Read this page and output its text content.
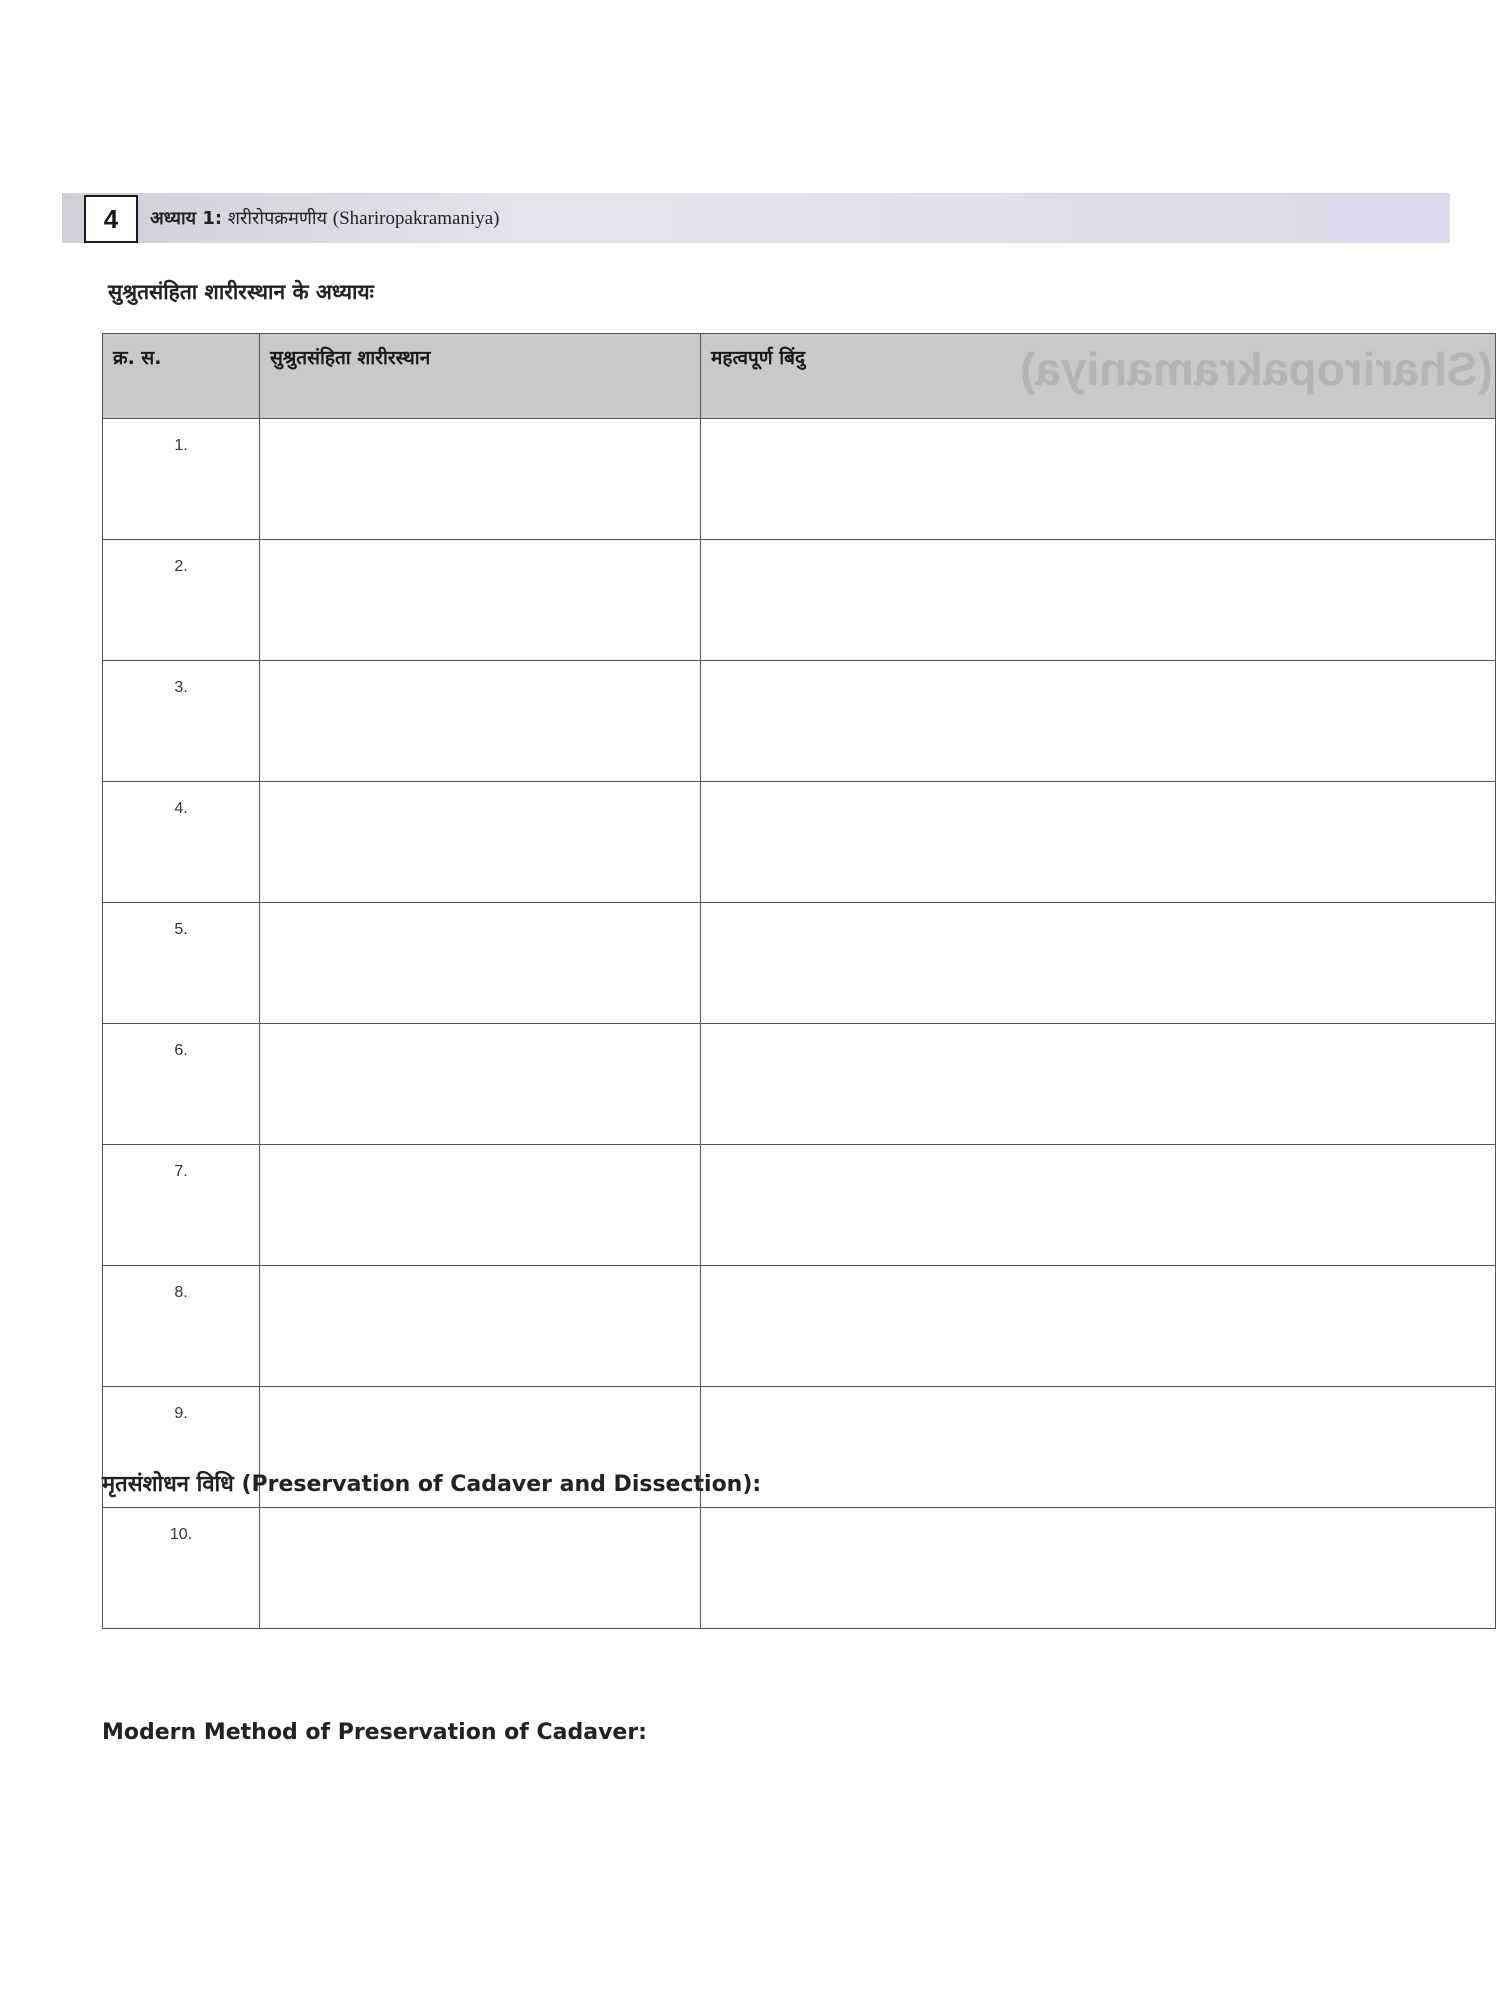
4	अध्याय 1: शरीरोपक्रमणीय (Shariropakramaniya)
सुश्रुतसंहिता शारीरस्थान के अध्यायः
क्र. स.	सुश्रुतसंहिता शारीरस्थान	महत्वपूर्ण बिंदु (Shariropakramaniya)

1.		
2.		
3.		
4.		
5.		
6.		
7.		
8.		
9.		
10.		
मृतसंशोधन विधि (Preservation of Cadaver and Dissection):
Modern Method of Preservation of Cadaver:
